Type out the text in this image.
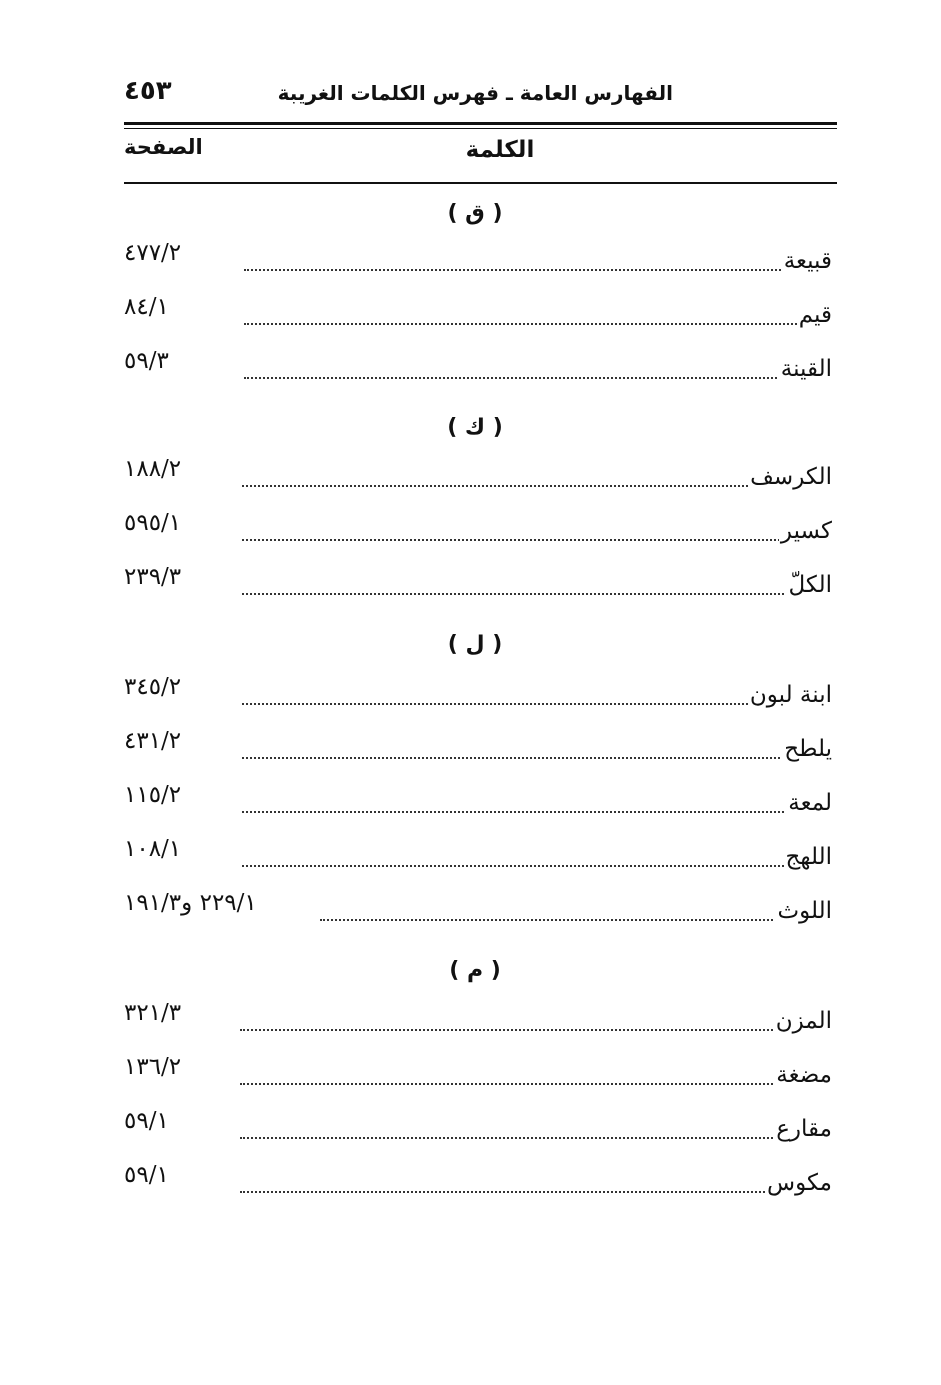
٤٥٣	الفهارس العامة ـ فهرس الكلمات الغريبة
الصفحة	الكلمة
( ق )
قبيعة
٤٧٧/٢
قيم
٨٤/١
القينة
٥٩/٣
( ك )
الكرسف
١٨٨/٢
كسير
٥٩٥/١
الكلّ
٢٣٩/٣
( ل )
ابنة لبون
٣٤٥/٢
يلطح
٤٣١/٢
لمعة
١١٥/٢
اللهج
١٠٨/١
اللوث
٢٢٩/١ و١٩١/٣
( م )
المزن
٣٢١/٣
مضغة
١٣٦/٢
مقارع
٥٩/١
مكوس
٥٩/١
